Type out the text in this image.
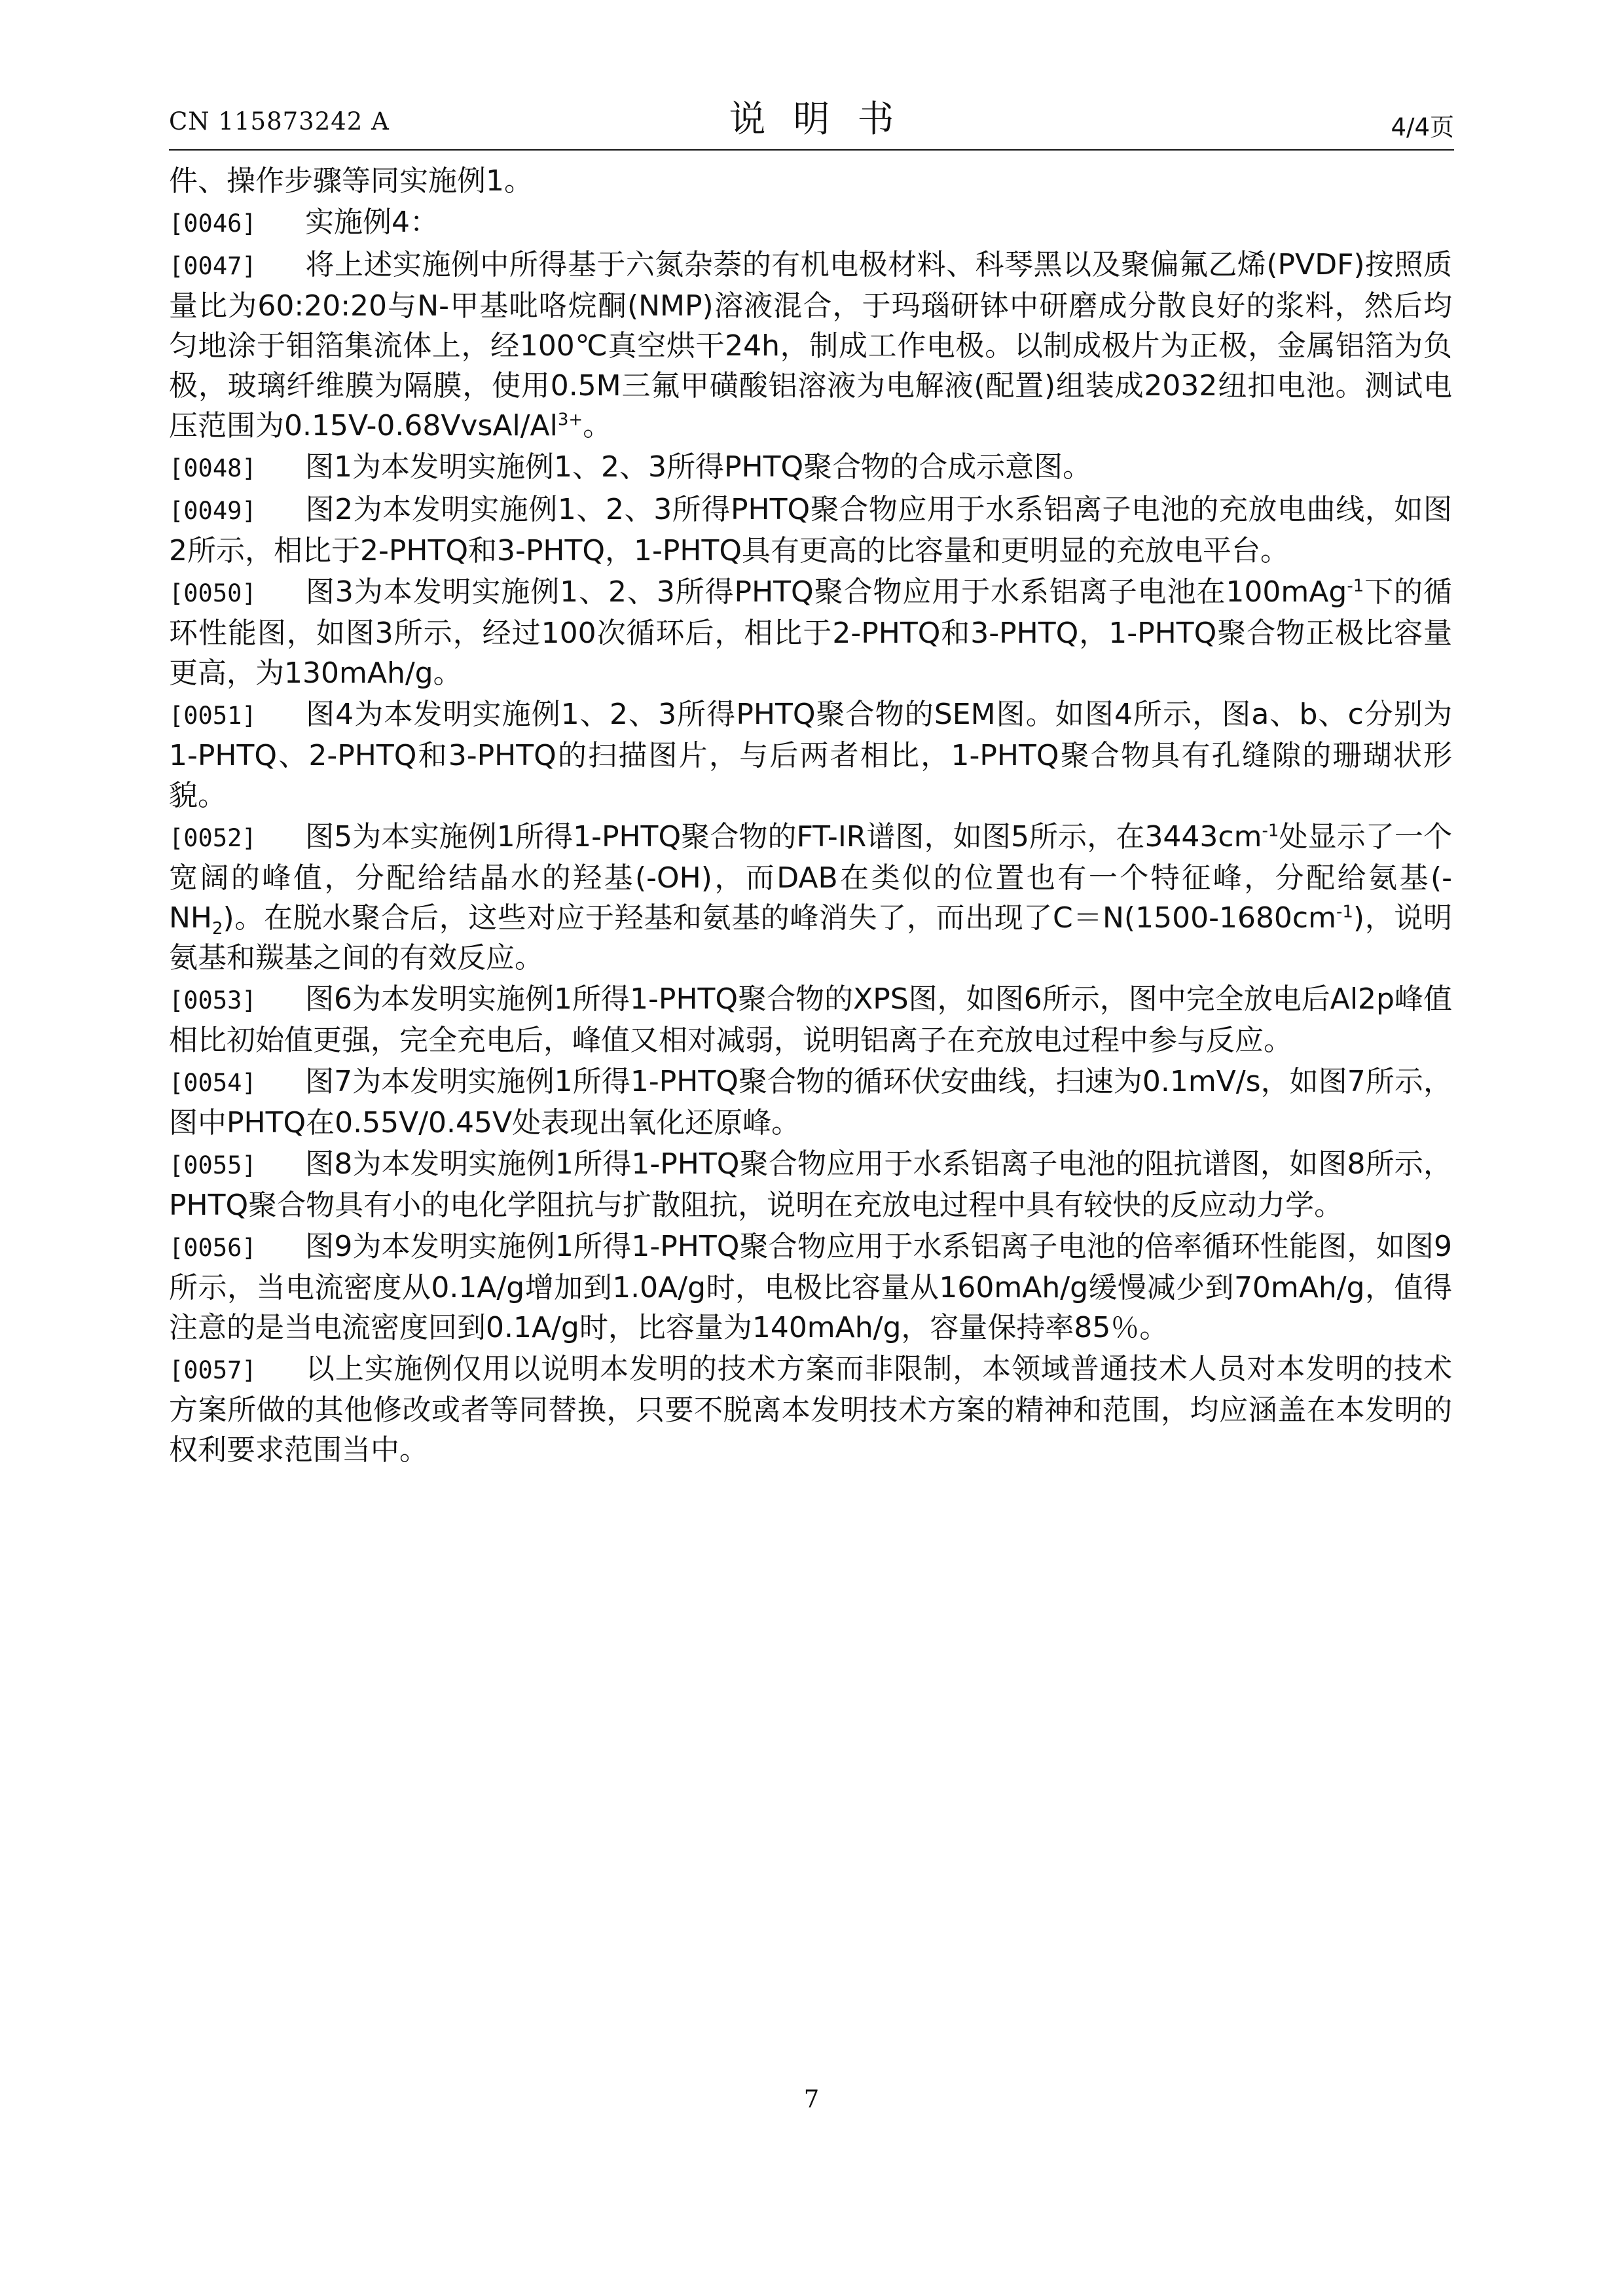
CN 115873242 A	说明书	4/4页

件、操作步骤等同实施例1。

[0046] 实施例4：

[0047] 将上述实施例中所得基于六氮杂萘的有机电极材料、科琴黑以及聚偏氟乙烯(PVDF)按照质量比为60:20:20与N-甲基吡咯烷酮(NMP)溶液混合，于玛瑙研钵中研磨成分散良好的浆料，然后均匀地涂于钼箔集流体上，经100℃真空烘干24h，制成工作电极。以制成极片为正极，金属铝箔为负极，玻璃纤维膜为隔膜，使用0.5M三氟甲磺酸铝溶液为电解液(配置)组装成2032纽扣电池。测试电压范围为$0.15V-0.68VvsAl/Al^{3+}$。

[0048] 图1为本发明实施例1、2、3所得PHTQ聚合物的合成示意图。

[0049] 图2为本发明实施例1、2、3所得PHTQ聚合物应用于水系铝离子电池的充放电曲线，如图2所示，相比于2-PHTQ和3-PHTQ，1-PHTQ具有更高的比容量和更明显的充放电平台。

[0050] 图3为本发明实施例1、2、3所得PHTQ聚合物应用于水系铝离子电池在100mAg$^{-1}$下的循环性能图，如图3所示，经过100次循环后，相比于2-PHTQ和3-PHTQ，1-PHTQ聚合物正极比容量更高，为130mAh/g。

[0051] 图4为本发明实施例1、2、3所得PHTQ聚合物的SEM图。如图4所示，图a、b、c分别为1-PHTQ、2-PHTQ和3-PHTQ的扫描图片，与后两者相比，1-PHTQ聚合物具有孔缝隙的珊瑚状形貌。

[0052] 图5为本实施例1所得1-PHTQ聚合物的FT-IR谱图，如图5所示，在$3443cm^{-1}$处显示了一个宽阔的峰值，分配给结晶水的羟基(-OH)，而DAB在类似的位置也有一个特征峰，分配给氨基$(-NH_2)$。在脱水聚合后，这些对应于羟基和氨基的峰消失了，而出现了$C=N(1500-1680cm^{-1})$，说明氨基和羰基之间的有效反应。

[0053] 图6为本发明实施例1所得1-PHTQ聚合物的XPS图，如图6所示，图中完全放电后Al2p峰值相比初始值更强，完全充电后，峰值又相对减弱，说明铝离子在充放电过程中参与反应。

[0054] 图7为本发明实施例1所得1-PHTQ聚合物的循环伏安曲线，扫速为0.1mV/s，如图7所示，图中PHTQ在0.55V/0.45V处表现出氧化还原峰。

[0055] 图8为本发明实施例1所得1-PHTQ聚合物应用于水系铝离子电池的阻抗谱图，如图8所示，PHTQ聚合物具有小的电化学阻抗与扩散阻抗，说明在充放电过程中具有较快的反应动力学。

[0056] 图9为本发明实施例1所得1-PHTQ聚合物应用于水系铝离子电池的倍率循环性能图，如图9所示，当电流密度从0.1A/g增加到1.0A/g时，电极比容量从160mAh/g缓慢减少到70mAh/g，值得注意的是当电流密度回到0.1A/g时，比容量为140mAh/g，容量保持率85％。

[0057] 以上实施例仅用以说明本发明的技术方案而非限制，本领域普通技术人员对本发明的技术方案所做的其他修改或者等同替换，只要不脱离本发明技术方案的精神和范围，均应涵盖在本发明的权利要求范围当中。

7
